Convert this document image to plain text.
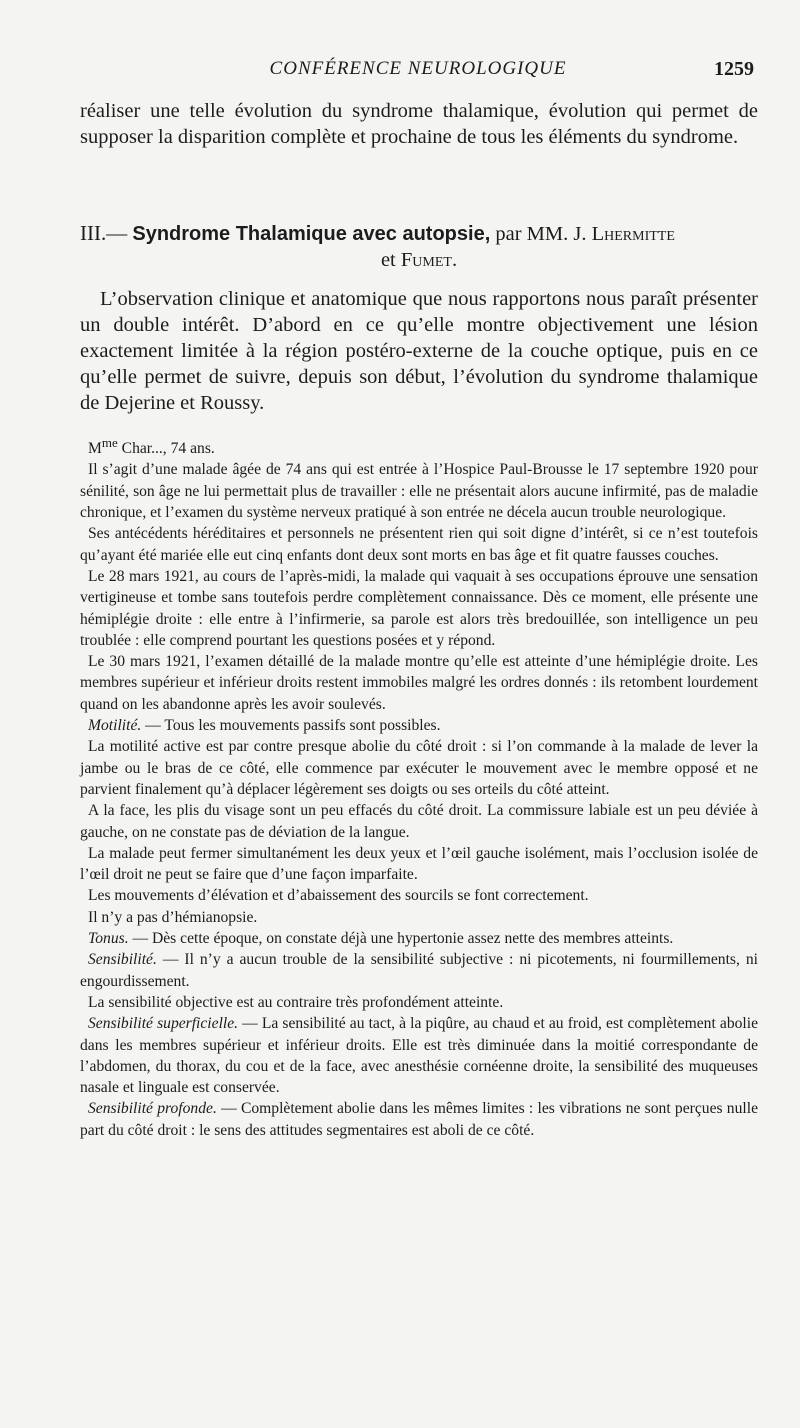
CONFÉRENCE NEUROLOGIQUE	1259

réaliser une telle évolution du syndrome thalamique, évolution qui permet de supposer la disparition complète et prochaine de tous les éléments du syndrome.

III.— Syndrome Thalamique avec autopsie, par MM. J. Lhermitte
et Fumet.

L’observation clinique et anatomique que nous rapportons nous paraît présenter un double intérêt. D’abord en ce qu’elle montre objectivement une lésion exactement limitée à la région postéro-externe de la couche optique, puis en ce qu’elle permet de suivre, depuis son début, l’évolution du syndrome thalamique de Dejerine et Roussy.

$M^{me}$ Char..., 74 ans.

Il s’agit d’une malade âgée de 74 ans qui est entrée à l’Hospice Paul-Brousse le 17 septembre 1920 pour sénilité, son âge ne lui permettait plus de travailler : elle ne présentait alors aucune infirmité, pas de maladie chronique, et l’examen du système nerveux pratiqué à son entrée ne décela aucun trouble neurologique.

Ses antécédents héréditaires et personnels ne présentent rien qui soit digne d’intérêt, si ce n’est toutefois qu’ayant été mariée elle eut cinq enfants dont deux sont morts en bas âge et fit quatre fausses couches.

Le 28 mars 1921, au cours de l’après-midi, la malade qui vaquait à ses occupations éprouve une sensation vertigineuse et tombe sans toutefois perdre complètement connaissance. Dès ce moment, elle présente une hémiplégie droite : elle entre à l’infirmerie, sa parole est alors très bredouillée, son intelligence un peu troublée : elle comprend pourtant les questions posées et y répond.

Le 30 mars 1921, l’examen détaillé de la malade montre qu’elle est atteinte d’une hémiplégie droite. Les membres supérieur et inférieur droits restent immobiles malgré les ordres donnés : ils retombent lourdement quand on les abandonne après les avoir soulevés.

Motilité. — Tous les mouvements passifs sont possibles.

La motilité active est par contre presque abolie du côté droit : si l’on commande à la malade de lever la jambe ou le bras de ce côté, elle commence par exécuter le mouvement avec le membre opposé et ne parvient finalement qu’à déplacer légèrement ses doigts ou ses orteils du côté atteint.

A la face, les plis du visage sont un peu effacés du côté droit. La commissure labiale est un peu déviée à gauche, on ne constate pas de déviation de la langue.

La malade peut fermer simultanément les deux yeux et l’œil gauche isolément, mais l’occlusion isolée de l’œil droit ne peut se faire que d’une façon imparfaite.

Les mouvements d’élévation et d’abaissement des sourcils se font correctement.

Il n’y a pas d’hémianopsie.

Tonus. — Dès cette époque, on constate déjà une hypertonie assez nette des membres atteints.

Sensibilité. — Il n’y a aucun trouble de la sensibilité subjective : ni picotements, ni fourmillements, ni engourdissement.

La sensibilité objective est au contraire très profondément atteinte.

Sensibilité superficielle. — La sensibilité au tact, à la piqûre, au chaud et au froid, est complètement abolie dans les membres supérieur et inférieur droits. Elle est très diminuée dans la moitié correspondante de l’abdomen, du thorax, du cou et de la face, avec anesthésie cornéenne droite, la sensibilité des muqueuses nasale et linguale est conservée.

Sensibilité profonde. — Complètement abolie dans les mêmes limites : les vibrations ne sont perçues nulle part du côté droit : le sens des attitudes segmentaires est aboli de ce côté.
